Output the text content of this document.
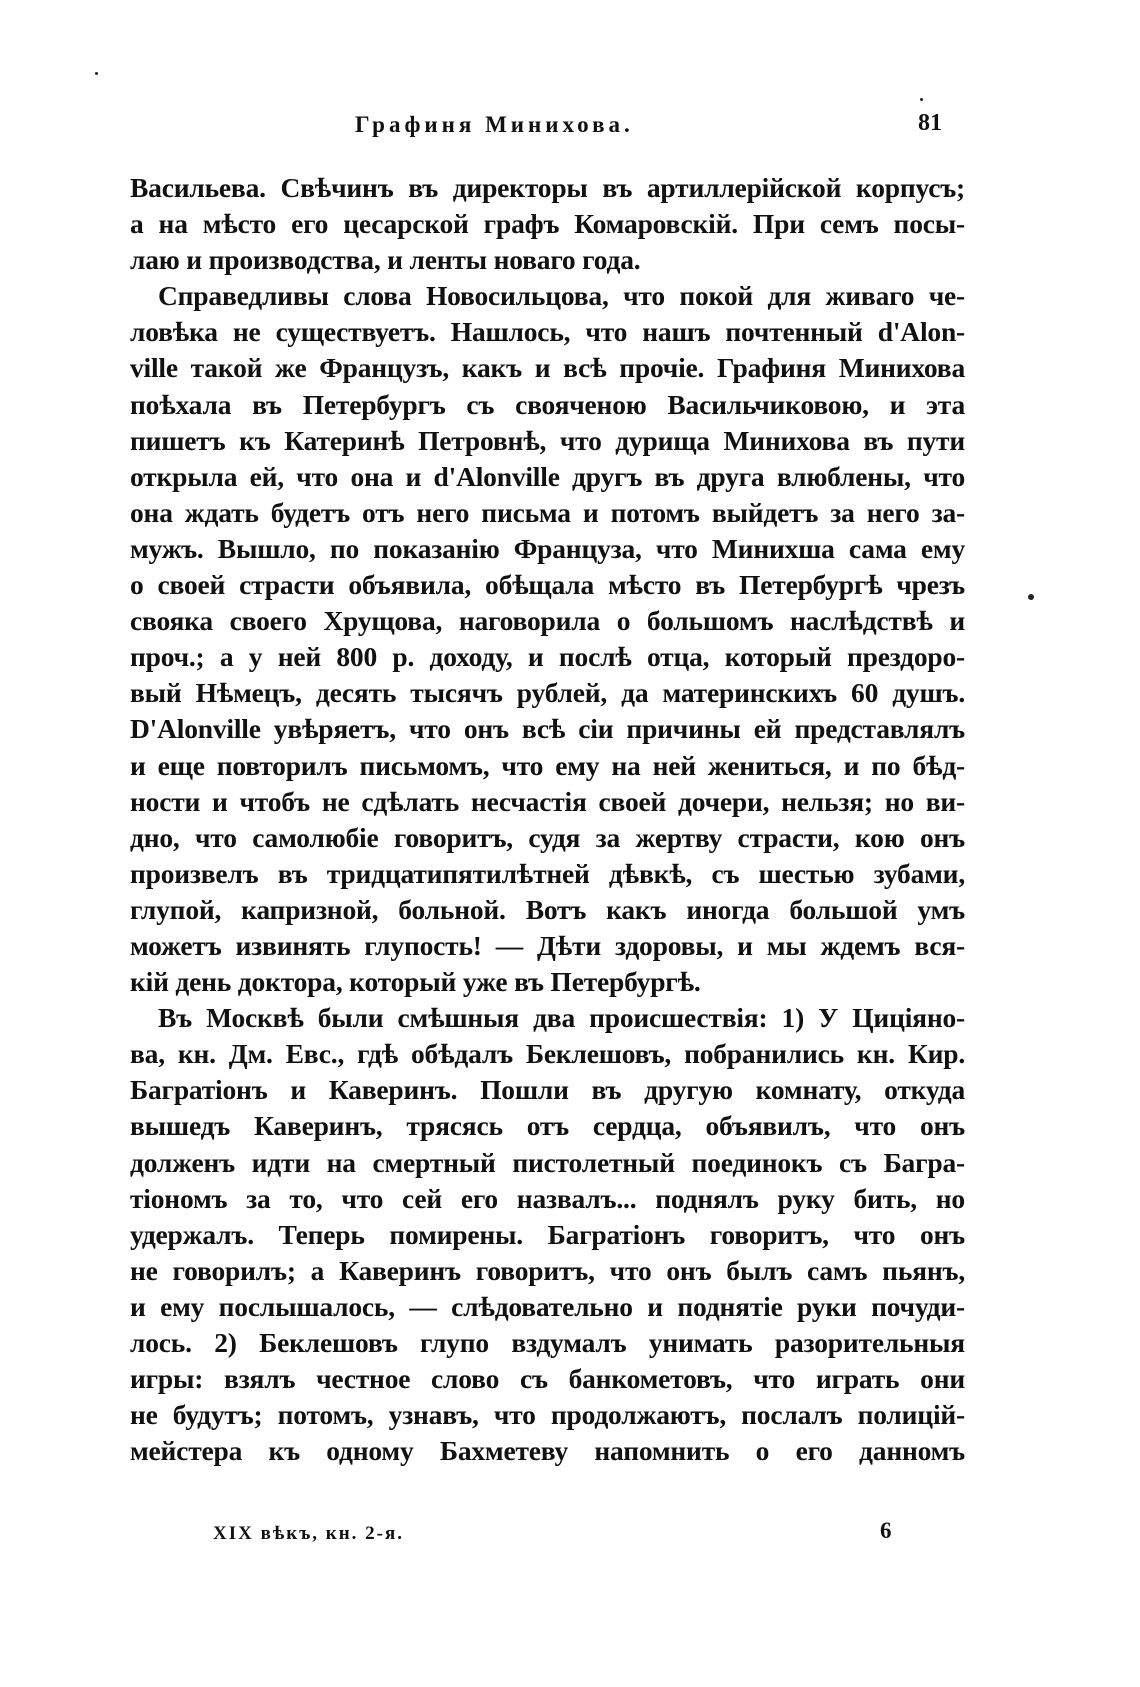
Графиня Минихова.	81
Васильева. Свѣчинъ въ директоры въ артиллерійской корпусъ;
а на мѣсто его цесарской графъ Комаровскій. При семъ посы-
лаю и производства, и ленты новаго года.
Справедливы слова Новосильцова, что покой для живаго че-
ловѣка не существуетъ. Нашлось, что нашъ почтенный d'Alon-
ville такой же Французъ, какъ и всѣ прочіе. Графиня Минихова
поѣхала въ Петербургъ съ свояченою Васильчиковою, и эта
пишетъ къ Катеринѣ Петровнѣ, что дурища Минихова въ пути
открыла ей, что она и d'Alonville другъ въ друга влюблены, что
она ждать будетъ отъ него письма и потомъ выйдетъ за него за-
мужъ. Вышло, по показанію Француза, что Минихша сама ему
о своей страсти объявила, обѣщала мѣсто въ Петербургѣ чрезъ
свояка своего Хрущова, наговорила о большомъ наслѣдствѣ и
проч.; а у ней 800 р. доходу, и послѣ отца, который прездоро-
вый Нѣмецъ, десять тысячъ рублей, да материнскихъ 60 душъ.
D'Alonville увѣряетъ, что онъ всѣ сіи причины ей представлялъ
и еще повторилъ письмомъ, что ему на ней жениться, и по бѣд-
ности и чтобъ не сдѣлать несчастія своей дочери, нельзя; но ви-
дно, что самолюбіе говоритъ, судя за жертву страсти, кою онъ
произвелъ въ тридцатипятилѣтней дѣвкѣ, съ шестью зубами,
глупой, капризной, больной. Вотъ какъ иногда большой умъ
можетъ извинять глупость! — Дѣти здоровы, и мы ждемъ вся-
кій день доктора, который уже въ Петербургѣ.
Въ Москвѣ были смѣшныя два происшествія: 1) У Циціяно-
ва, кн. Дм. Евс., гдѣ обѣдалъ Беклешовъ, побранились кн. Кир.
Багратіонъ и Каверинъ. Пошли въ другую комнату, откуда
вышедъ Каверинъ, трясясь отъ сердца, объявилъ, что онъ
долженъ идти на смертный пистолетный поединокъ съ Багра-
тіономъ за то, что сей его назвалъ... поднялъ руку бить, но
удержалъ. Теперь помирены. Багратіонъ говоритъ, что онъ
не говорилъ; а Каверинъ говоритъ, что онъ былъ самъ пьянъ,
и ему послышалось, — слѣдовательно и поднятіе руки почуди-
лось. 2) Беклешовъ глупо вздумалъ унимать разорительныя
игры: взялъ честное слово съ банкометовъ, что играть они
не будутъ; потомъ, узнавъ, что продолжаютъ, послалъ полицій-
мейстера къ одному Бахметеву напомнить о его данномъ
XIX вѣкъ, кн. 2-я.	6
